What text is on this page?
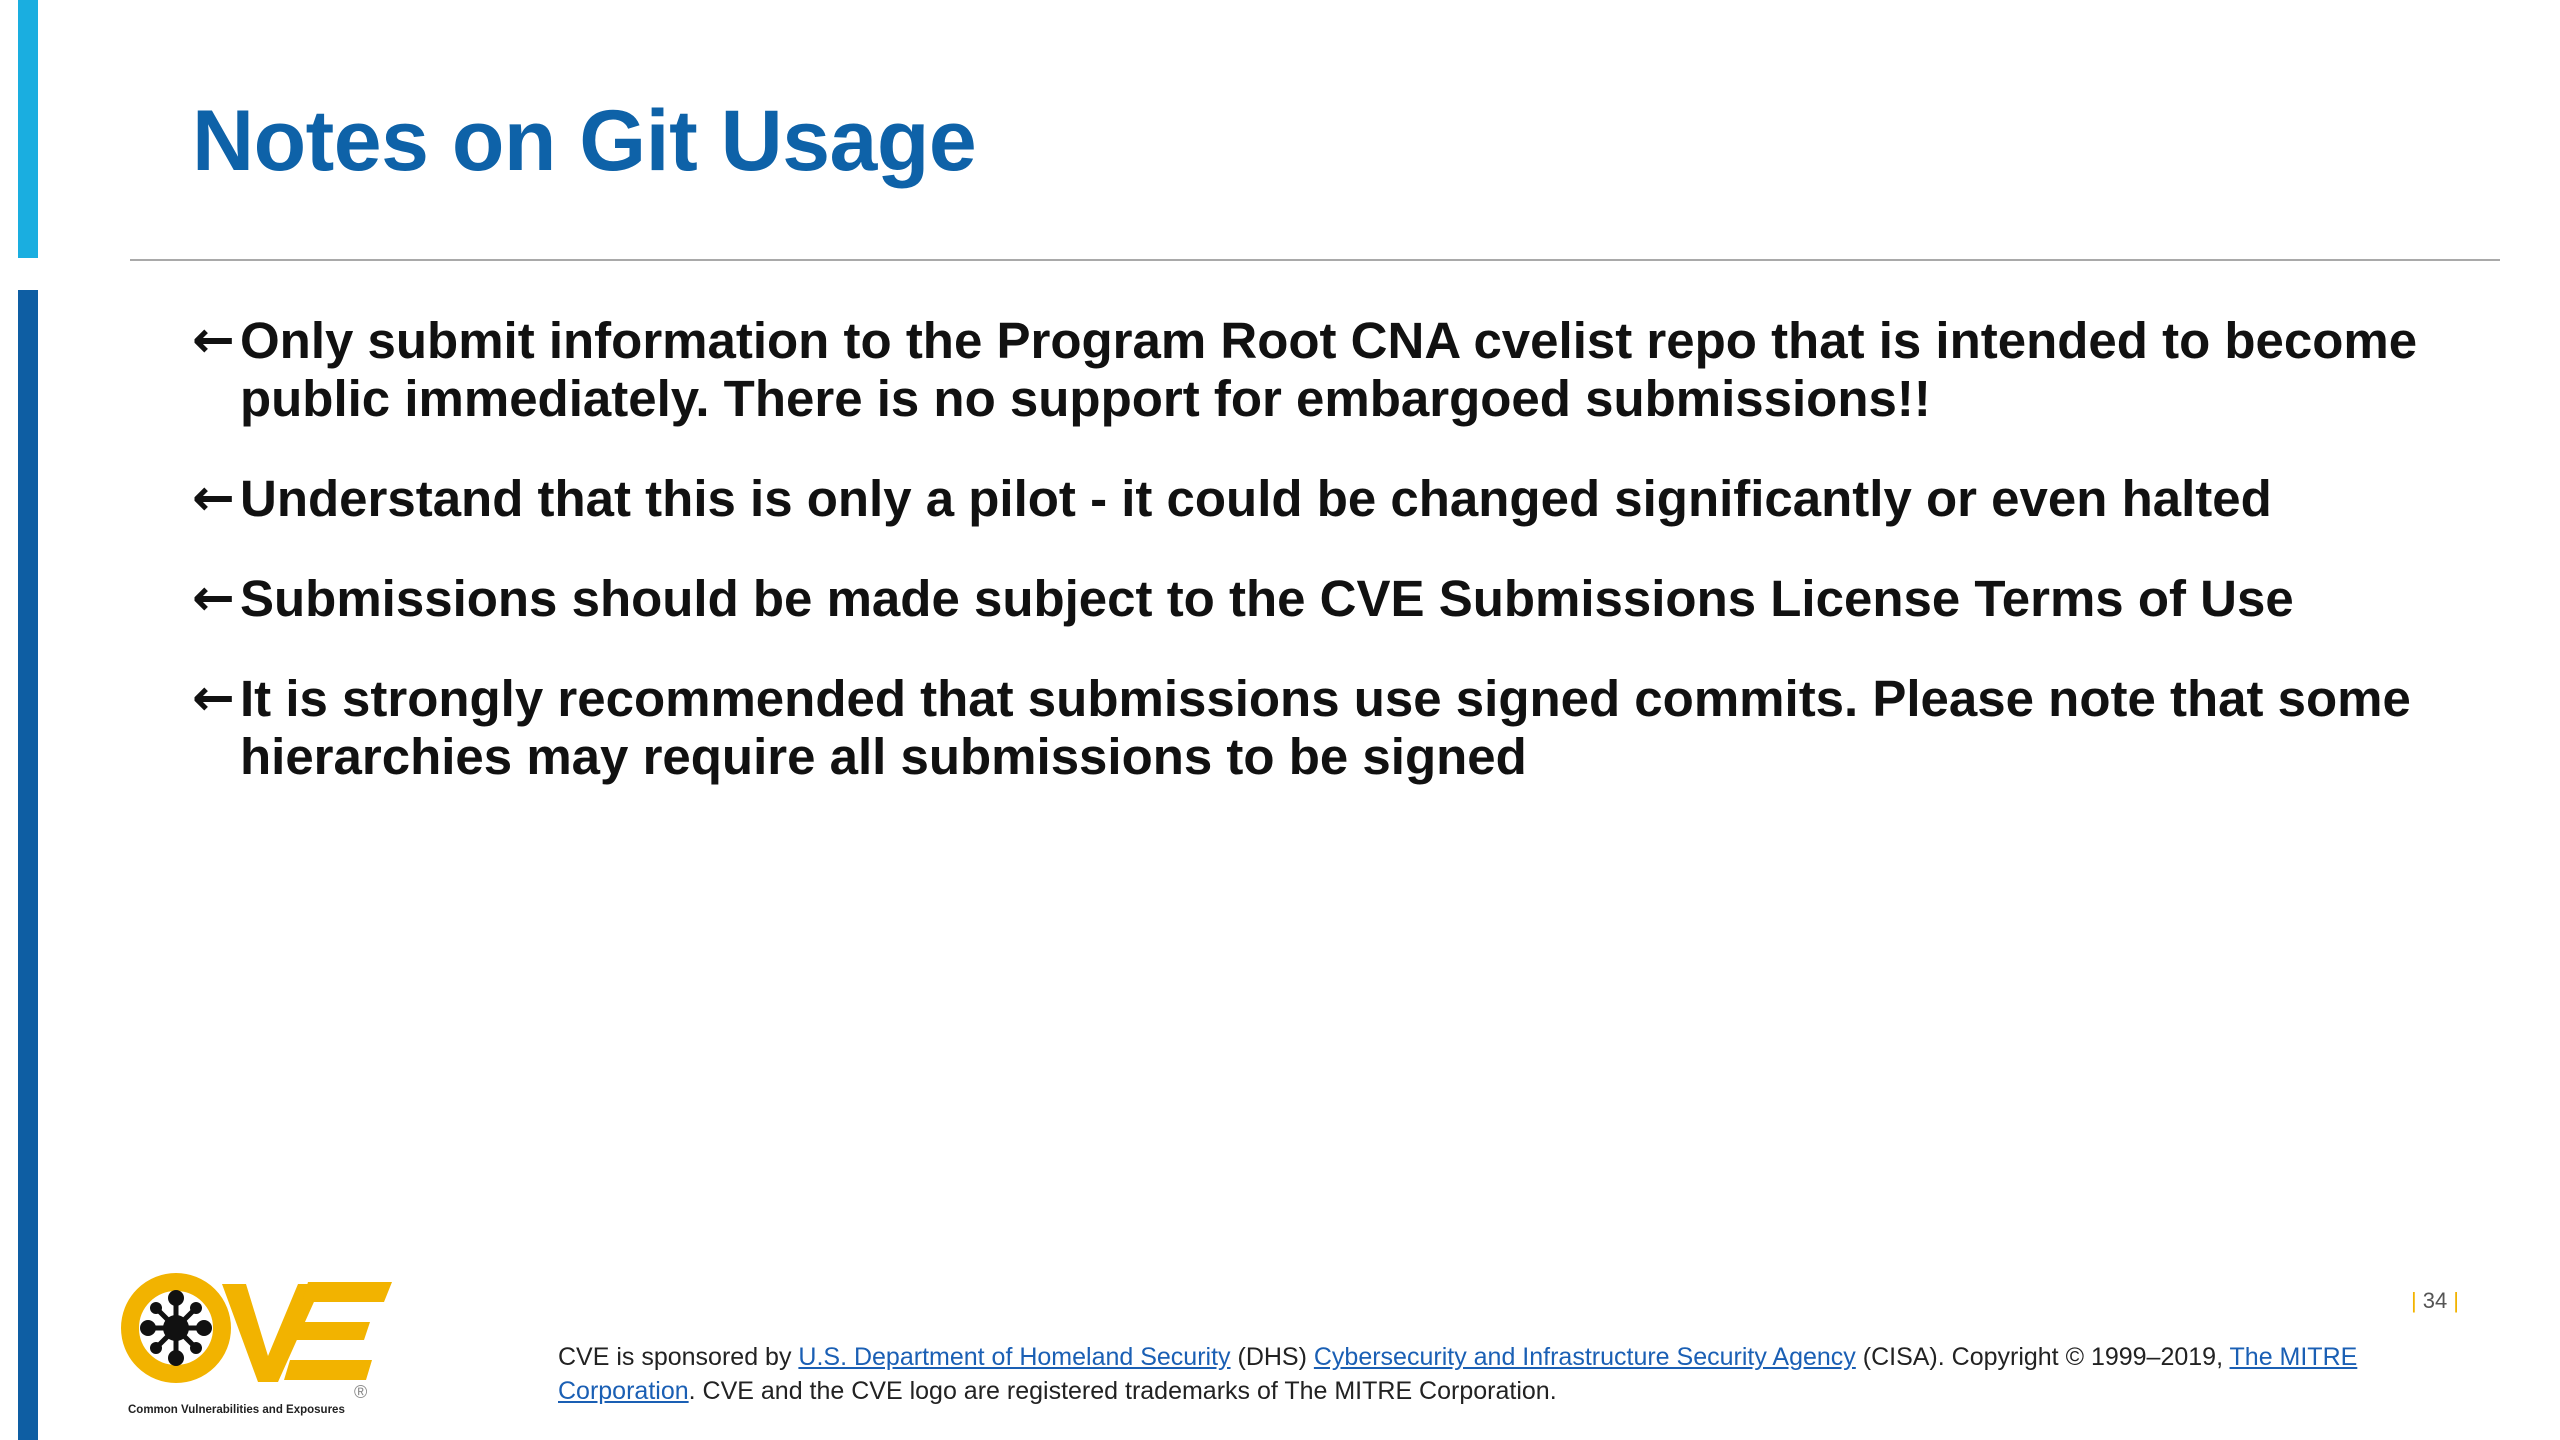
Notes on Git Usage
← Only submit information to the Program Root CNA cvelist repo that is intended to become public immediately. There is no support for embargoed submissions!!
← Understand that this is only a pilot - it could be changed significantly or even halted
← Submissions should be made subject to the CVE Submissions License Terms of Use
← It is strongly recommended that submissions use signed commits. Please note that some hierarchies may require all submissions to be signed
®
Common Vulnerabilities and Exposures
| 34 |
CVE is sponsored by U.S. Department of Homeland Security (DHS) Cybersecurity and Infrastructure Security Agency (CISA). Copyright © 1999–2019, The MITRE Corporation. CVE and the CVE logo are registered trademarks of The MITRE Corporation.
